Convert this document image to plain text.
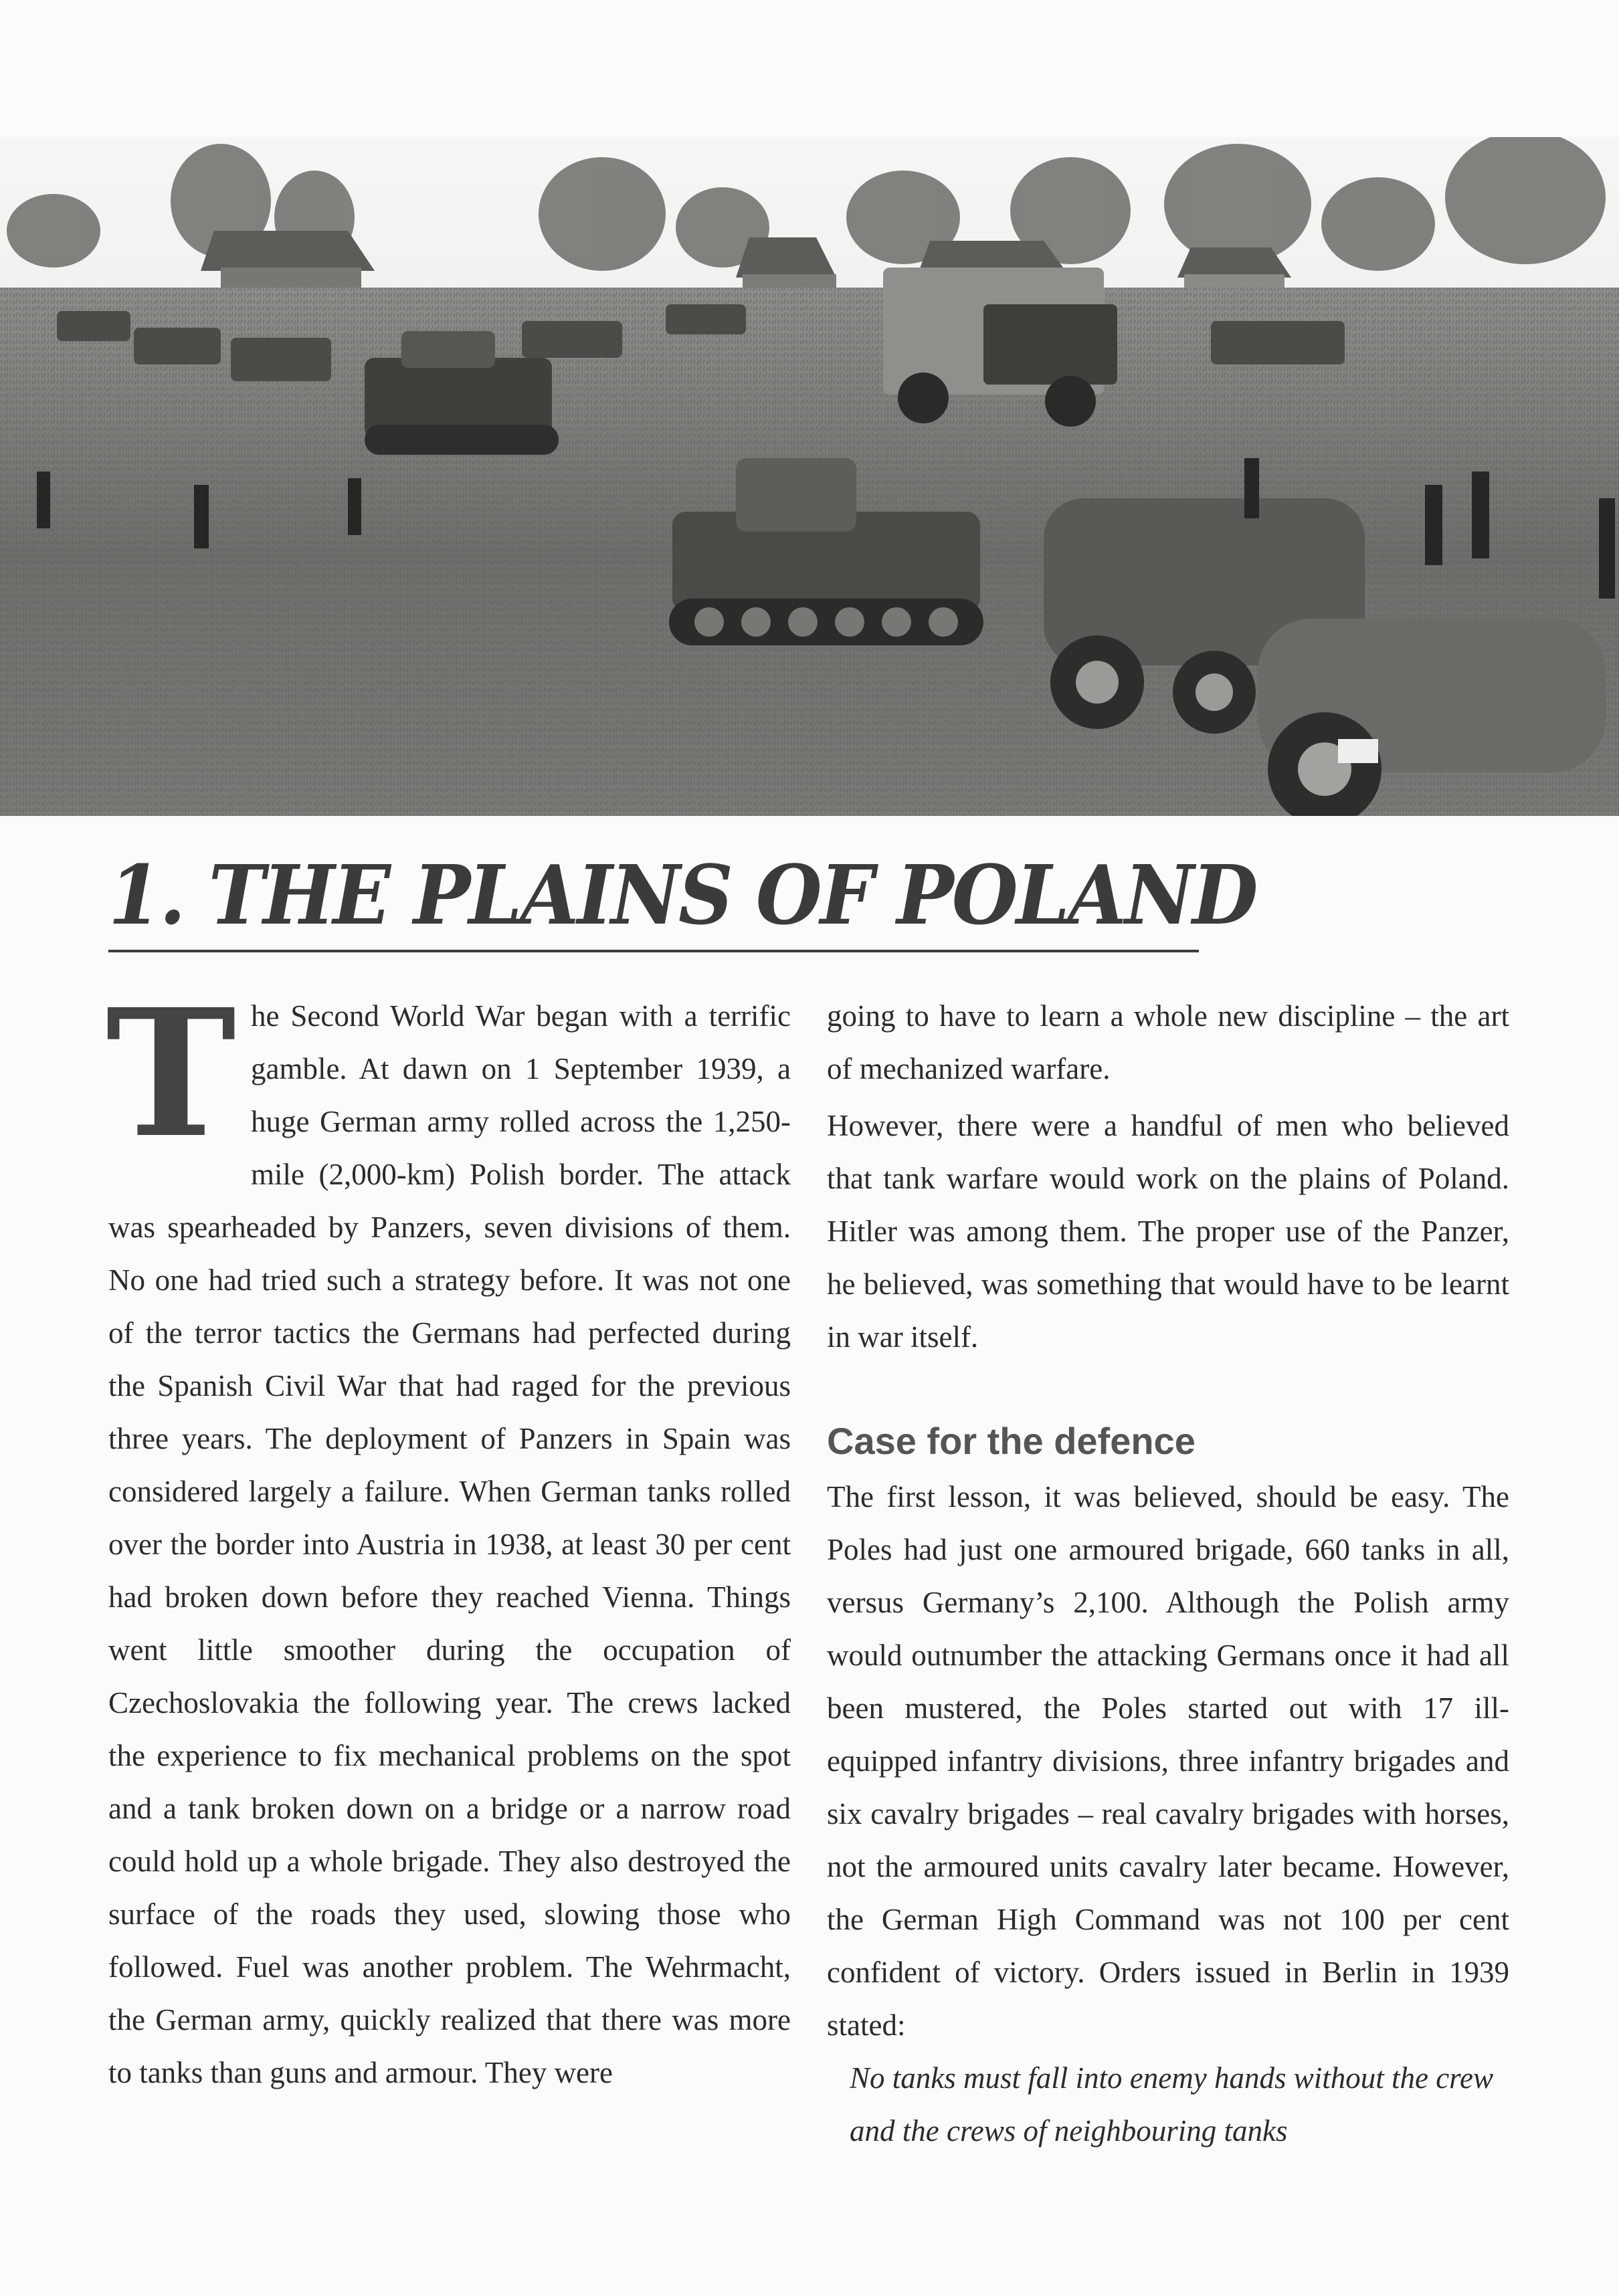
1. THE PLAINS OF POLAND

The Second World War began with a terrific gamble. At dawn on 1 September 1939, a huge German army rolled across the 1,250-mile (2,000-km) Polish border. The attack was spearheaded by Panzers, seven divisions of them. No one had tried such a strategy before. It was not one of the terror tactics the Germans had perfected during the Spanish Civil War that had raged for the previous three years. The deployment of Panzers in Spain was considered largely a failure. When German tanks rolled over the border into Austria in 1938, at least 30 per cent had broken down before they reached Vienna. Things went little smoother during the occupation of Czechoslovakia the following year. The crews lacked the experience to fix mechanical problems on the spot and a tank broken down on a bridge or a narrow road could hold up a whole brigade. They also destroyed the surface of the roads they used, slowing those who followed. Fuel was another problem. The Wehrmacht, the German army, quickly realized that there was more to tanks than guns and armour. They were

going to have to learn a whole new discipline – the art of mechanized warfare.

However, there were a handful of men who believed that tank warfare would work on the plains of Poland. Hitler was among them. The proper use of the Panzer, he believed, was something that would have to be learnt in war itself.

Case for the defence

The first lesson, it was believed, should be easy. The Poles had just one armoured brigade, 660 tanks in all, versus Germany’s 2,100. Although the Polish army would outnumber the attacking Germans once it had all been mustered, the Poles started out with 17 ill-equipped infantry divisions, three infantry brigades and six cavalry brigades – real cavalry brigades with horses, not the armoured units cavalry later became. However, the German High Command was not 100 per cent confident of victory. Orders issued in Berlin in 1939 stated:

No tanks must fall into enemy hands without the crew and the crews of neighbouring tanks
